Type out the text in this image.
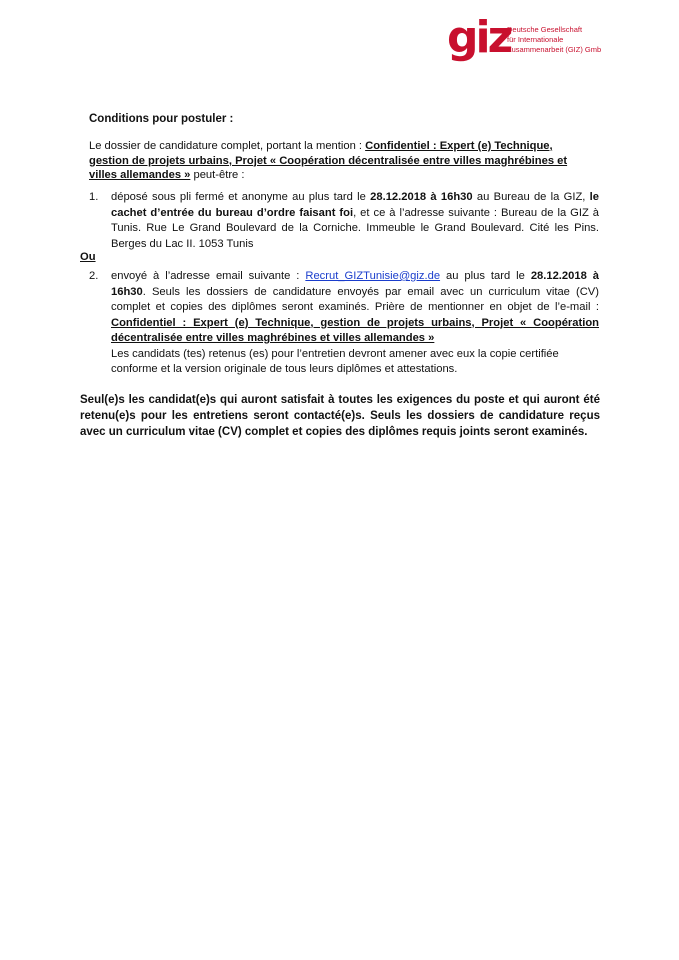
giz
Deutsche Gesellschaft
für Internationale
Zusammenarbeit (GIZ) Gmb
Conditions pour postuler :
Le dossier de candidature complet, portant la mention : Confidentiel : Expert (e) Technique, gestion de projets urbains, Projet « Coopération décentralisée entre villes maghrébines et villes allemandes » peut-être :
1. déposé sous pli fermé et anonyme au plus tard le 28.12.2018 à 16h30 au Bureau de la GIZ, le cachet d’entrée du bureau d’ordre faisant foi, et ce à l’adresse suivante : Bureau de la GIZ à Tunis. Rue Le Grand Boulevard de la Corniche. Immeuble le Grand Boulevard. Cité les Pins. Berges du Lac II. 1053 Tunis
Ou
2. envoyé à l’adresse email suivante : Recrut_GIZTunisie@giz.de au plus tard le 28.12.2018 à 16h30. Seuls les dossiers de candidature envoyés par email avec un curriculum vitae (CV) complet et copies des diplômes seront examinés. Prière de mentionner en objet de l’e-mail : Confidentiel : Expert (e) Technique, gestion de projets urbains, Projet « Coopération décentralisée entre villes maghrébines et villes allemandes »
Les candidats (tes) retenus (es) pour l’entretien devront amener avec eux la copie certifiée conforme et la version originale de tous leurs diplômes et attestations.
Seul(e)s les candidat(e)s qui auront satisfait à toutes les exigences du poste et qui auront été retenu(e)s pour les entretiens seront contacté(e)s. Seuls les dossiers de candidature reçus avec un curriculum vitae (CV) complet et copies des diplômes requis joints seront examinés.
